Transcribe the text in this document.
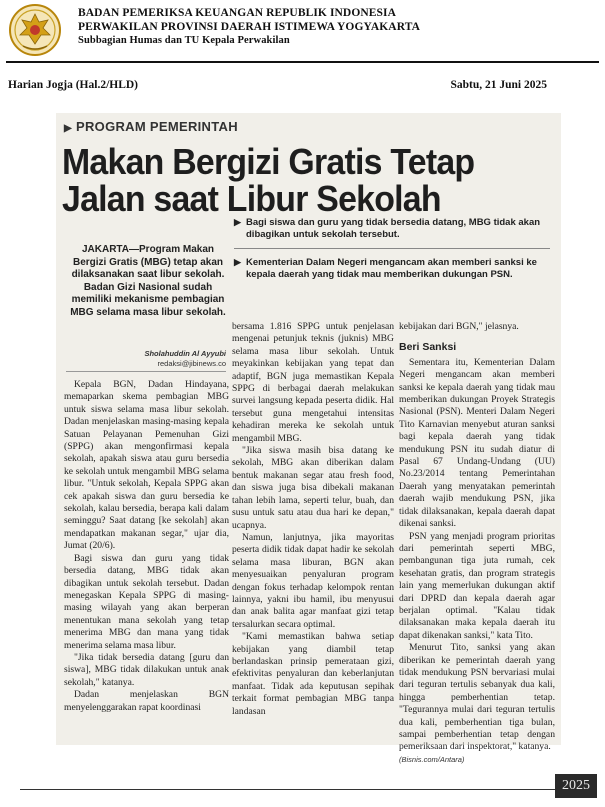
BADAN PEMERIKSA KEUANGAN REPUBLIK INDONESIA
PERWAKILAN PROVINSI DAERAH ISTIMEWA YOGYAKARTA
Subbagian Humas dan TU Kepala Perwakilan
Harian Jogja (Hal.2/HLD)	Sabtu, 21 Juni 2025
▶ PROGRAM PEMERINTAH
Makan Bergizi Gratis Tetap
Jalan saat Libur Sekolah
JAKARTA—Program Makan Bergizi Gratis (MBG) tetap akan dilaksanakan saat libur sekolah. Badan Gizi Nasional sudah memiliki mekanisme pembagian MBG selama masa libur sekolah.
▶ Bagi siswa dan guru yang tidak bersedia datang, MBG tidak akan dibagikan untuk sekolah tersebut.
▶ Kementerian Dalam Negeri mengancam akan memberi sanksi ke kepala daerah yang tidak mau memberikan dukungan PSN.
Sholahuddin Al Ayyubi
redaksi@jibinews.co

Kepala BGN, Dadan Hindayana, memaparkan skema pembagian MBG untuk siswa selama masa libur sekolah. Dadan menjelaskan masing-masing kepala Satuan Pelayanan Pemenuhan Gizi (SPPG) akan mengonfirmasi kepala sekolah, apakah siswa atau guru bersedia ke sekolah untuk mengambil MBG selama libur. "Untuk sekolah, Kepala SPPG akan cek apakah siswa dan guru bersedia ke sekolah, kalau bersedia, berapa kali dalam seminggu? Saat datang [ke sekolah] akan mendapatkan makanan segar," ujar dia, Jumat (20/6).

Bagi siswa dan guru yang tidak bersedia datang, MBG tidak akan dibagikan untuk sekolah tersebut. Dadan menegaskan Kepala SPPG di masing-masing wilayah yang akan berperan menentukan mana sekolah yang tetap menerima MBG dan mana yang tidak menerima selama masa libur.

"Jika tidak bersedia datang [guru dan siswa], MBG tidak dilakukan untuk anak sekolah," katanya.

Dadan menjelaskan BGN menyelenggarakan rapat koordinasi

bersama 1.816 SPPG untuk penjelasan mengenai petunjuk teknis (juknis) MBG selama masa libur sekolah. Untuk meyakinkan kebijakan yang tepat dan adaptif, BGN juga memastikan Kepala SPPG di berbagai daerah melakukan survei langsung kepada peserta didik. Hal tersebut guna mengetahui intensitas kehadiran mereka ke sekolah untuk mengambil MBG.

"Jika siswa masih bisa datang ke sekolah, MBG akan diberikan dalam bentuk makanan segar atau fresh food, dan siswa juga bisa dibekali makanan tahan lebih lama, seperti telur, buah, dan susu untuk satu atau dua hari ke depan," ucapnya.

Namun, lanjutnya, jika mayoritas peserta didik tidak dapat hadir ke sekolah selama masa liburan, BGN akan menyesuaikan penyaluran program dengan fokus terhadap kelompok rentan lainnya, yakni ibu hamil, ibu menyusui dan anak balita agar manfaat gizi tetap tersalurkan secara optimal.

"Kami memastikan bahwa setiap kebijakan yang diambil tetap berlandaskan prinsip pemerataan gizi, efektivitas penyaluran dan keberlanjutan manfaat. Tidak ada keputusan sepihak terkait format pembagian MBG tanpa landasan

kebijakan dari BGN," jelasnya.

Beri Sanksi

Sementara itu, Kementerian Dalam Negeri mengancam akan memberi sanksi ke kepala daerah yang tidak mau memberikan dukungan Proyek Strategis Nasional (PSN). Menteri Dalam Negeri Tito Karnavian menyebut aturan sanksi bagi kepala daerah yang tidak mendukung PSN itu sudah diatur di Pasal 67 Undang-Undang (UU) No.23/2014 tentang Pemerintahan Daerah yang menyatakan pemerintah daerah wajib mendukung PSN, jika tidak dilaksanakan, kepala daerah dapat dikenai sanksi.

PSN yang menjadi program prioritas dari pemerintah seperti MBG, pembangunan tiga juta rumah, cek kesehatan gratis, dan program strategis lain yang memerlukan dukungan aktif dari DPRD dan kepala daerah agar berjalan optimal. "Kalau tidak dilaksanakan maka kepala daerah itu dapat dikenakan sanksi," kata Tito.

Menurut Tito, sanksi yang akan diberikan ke pemerintah daerah yang tidak mendukung PSN bervariasi mulai dari teguran tertulis sebanyak dua kali, hingga pemberhentian tetap. "Tegurannya mulai dari teguran tertulis dua kali, pemberhentian tiga bulan, sampai pemberhentian tetap dengan pemeriksaan dari inspektorat," katanya.

(Bisnis.com/Antara)
2025
